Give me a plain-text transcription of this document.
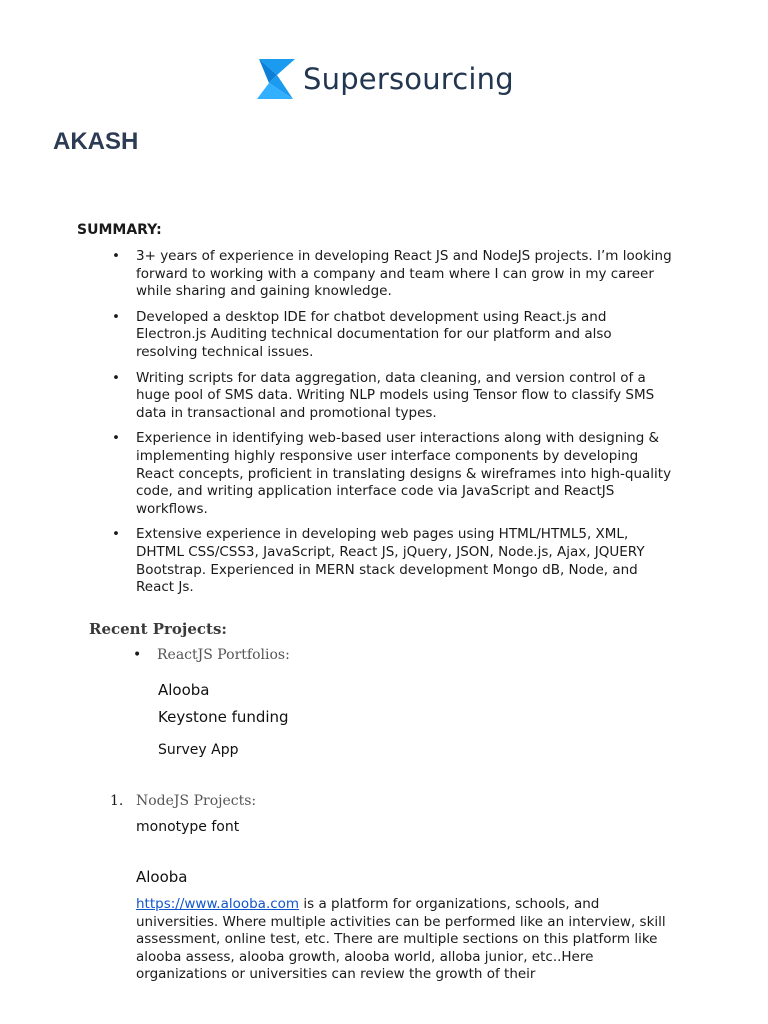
Supersourcing
AKASH
SUMMARY:
• 3+ years of experience in developing React JS and NodeJS projects. I’m looking forward to working with a company and team where I can grow in my career while sharing and gaining knowledge.
• Developed a desktop IDE for chatbot development using React.js and Electron.js Auditing technical documentation for our platform and also resolving technical issues.
• Writing scripts for data aggregation, data cleaning, and version control of a huge pool of SMS data. Writing NLP models using Tensor flow to classify SMS data in transactional and promotional types.
• Experience in identifying web-based user interactions along with designing & implementing highly responsive user interface components by developing React concepts, proficient in translating designs & wireframes into high-quality code, and writing application interface code via JavaScript and ReactJS workflows.
• Extensive experience in developing web pages using HTML/HTML5, XML, DHTML CSS/CSS3, JavaScript, React JS, jQuery, JSON, Node.js, Ajax, JQUERY Bootstrap. Experienced in MERN stack development Mongo dB, Node, and React Js.
Recent Projects:
• ReactJS Portfolios:
Alooba
Keystone funding
Survey App
1. NodeJS Projects:
monotype font
Alooba

https://www.alooba.com is a platform for organizations, schools, and universities. Where multiple activities can be performed like an interview, skill assessment, online test, etc. There are multiple sections on this platform like alooba assess, alooba growth, alooba world, alloba junior, etc..Here organizations or universities can review the growth of their
